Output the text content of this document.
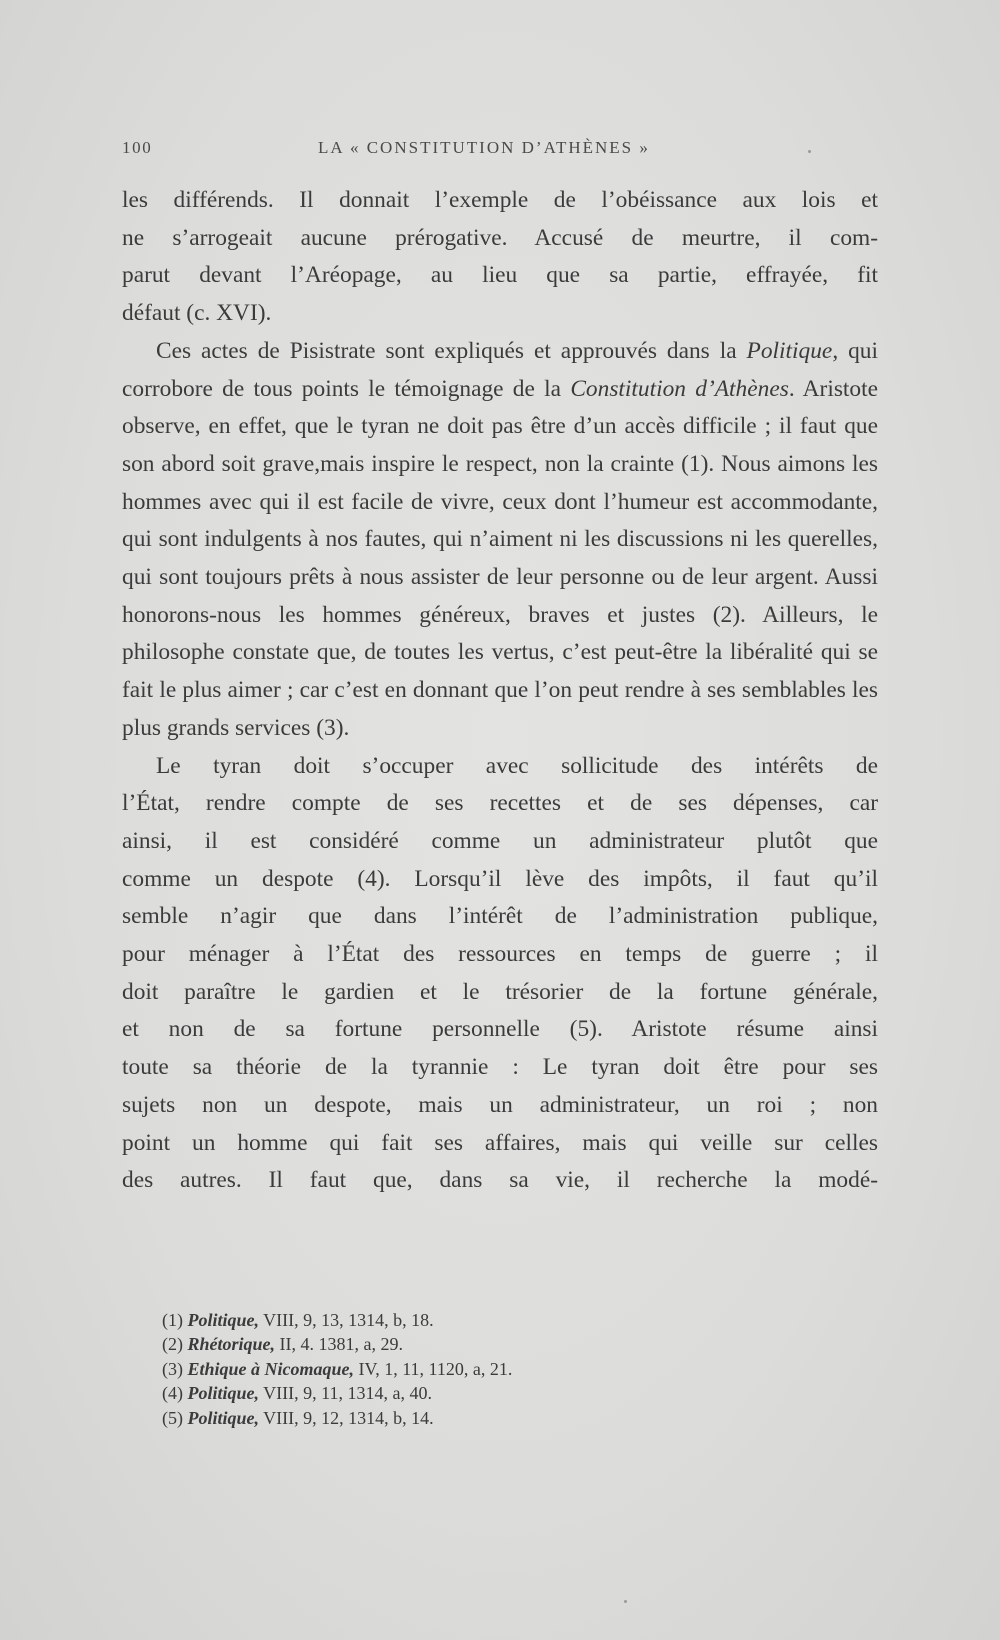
100	LA « CONSTITUTION D’ATHÈNES »

les différends. Il donnait l’exemple de l’obéissance aux lois et
ne s’arrogeait aucune prérogative. Accusé de meurtre, il com-
parut devant l’Aréopage, au lieu que sa partie, effrayée, fit
défaut (c. XVI).

Ces actes de Pisistrate sont expliqués et approuvés dans la Politique, qui corrobore de tous points le témoignage de la Constitution d’Athènes. Aristote observe, en effet, que le tyran ne doit pas être d’un accès difficile ; il faut que son abord soit grave,mais inspire le respect, non la crainte (1). Nous aimons les hommes avec qui il est facile de vivre, ceux dont l’humeur est accommodante, qui sont indulgents à nos fautes, qui n’aiment ni les discussions ni les querelles, qui sont toujours prêts à nous assister de leur personne ou de leur argent. Aussi honorons-nous les hommes généreux, braves et justes (2). Ailleurs, le philosophe constate que, de toutes les vertus, c’est peut-être la libéralité qui se fait le plus aimer ; car c’est en donnant que l’on peut rendre à ses semblables les plus grands services (3).

Le tyran doit s’occuper avec sollicitude des intérêts de
l’État, rendre compte de ses recettes et de ses dépenses, car
ainsi, il est considéré comme un administrateur plutôt que
comme un despote (4). Lorsqu’il lève des impôts, il faut qu’il
semble n’agir que dans l’intérêt de l’administration publique,
pour ménager à l’État des ressources en temps de guerre ; il
doit paraître le gardien et le trésorier de la fortune générale,
et non de sa fortune personnelle (5). Aristote résume ainsi
toute sa théorie de la tyrannie : Le tyran doit être pour ses
sujets non un despote, mais un administrateur, un roi ; non
point un homme qui fait ses affaires, mais qui veille sur celles
des autres. Il faut que, dans sa vie, il recherche la modé-

(1) Politique, VIII, 9, 13, 1314, b, 18.
(2) Rhétorique, II, 4. 1381, a, 29.
(3) Ethique à Nicomaque, IV, 1, 11, 1120, a, 21.
(4) Politique, VIII, 9, 11, 1314, a, 40.
(5) Politique, VIII, 9, 12, 1314, b, 14.
